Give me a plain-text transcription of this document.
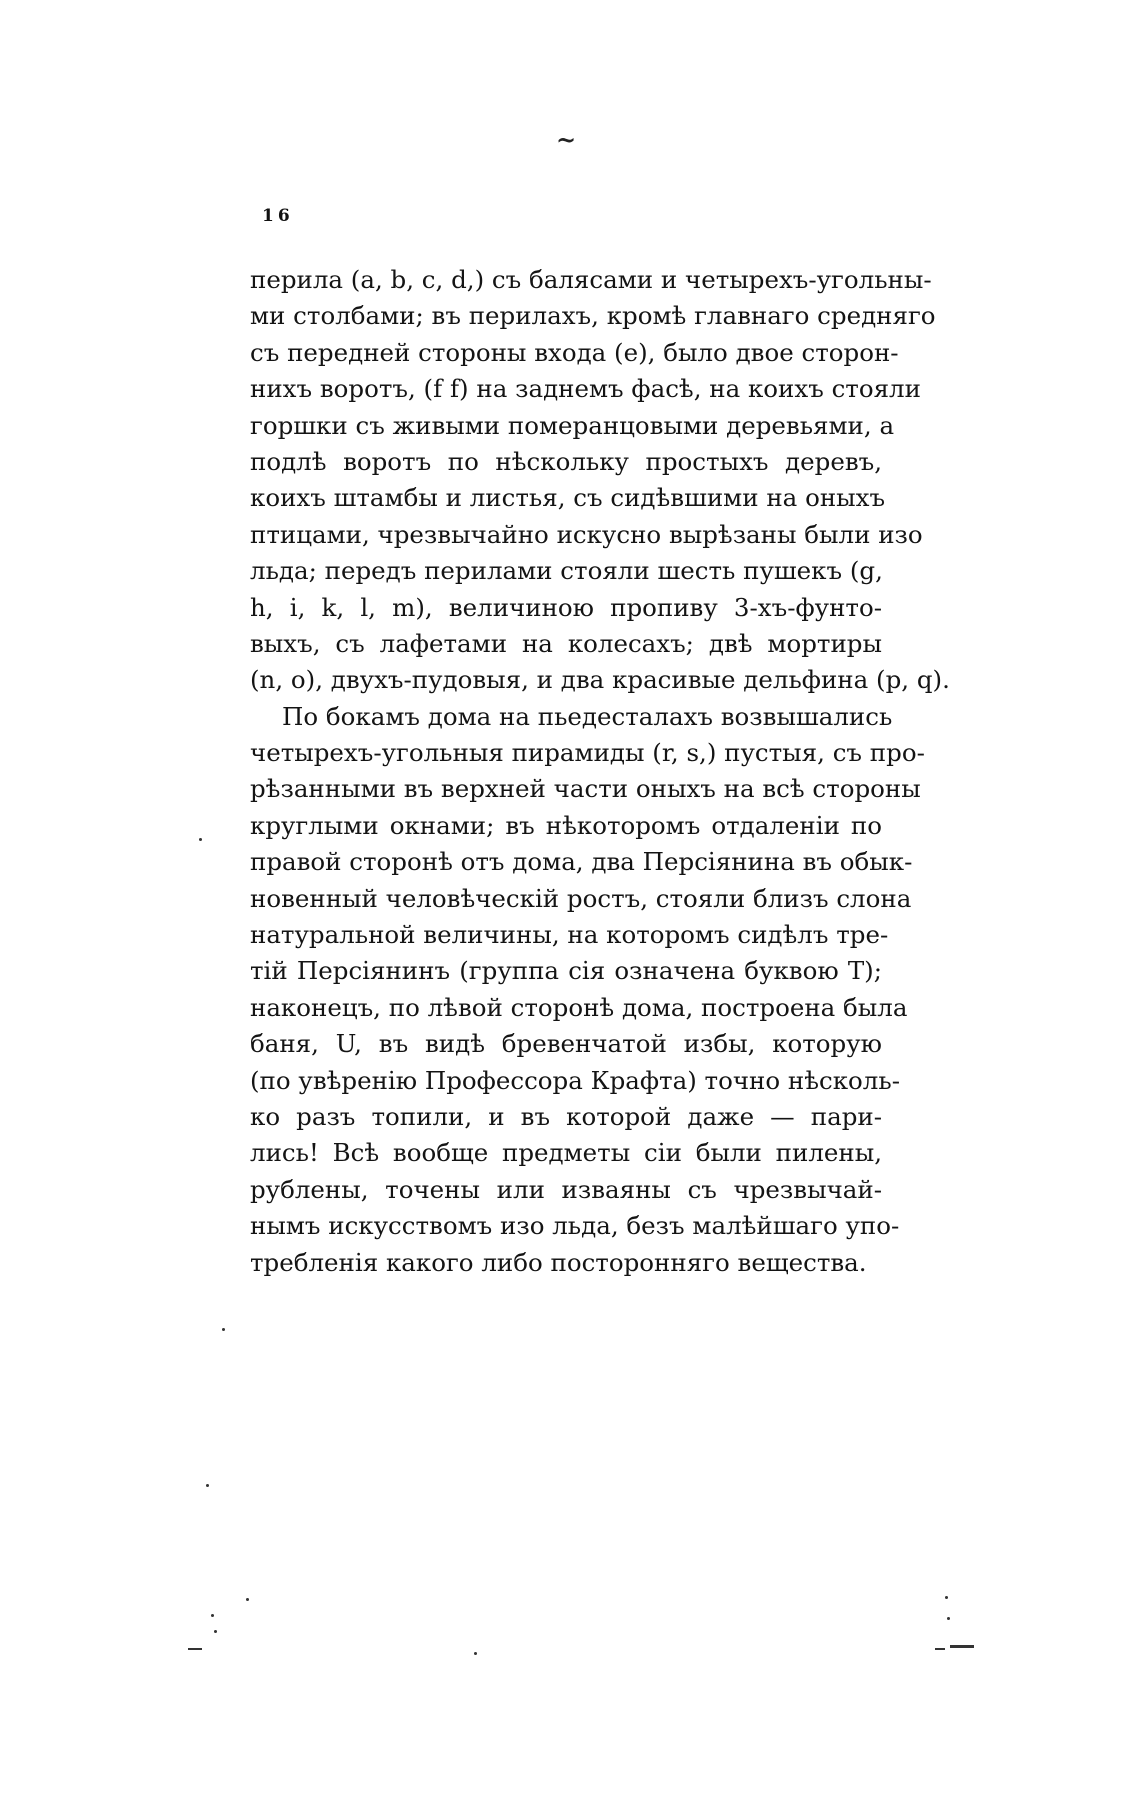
~
16
перила (a, b, c, d,) съ балясами и четырехъ-угольны-
ми столбами; въ перилахъ, кромѣ главнаго средняго
съ передней стороны входа (e), было двое сторон-
нихъ воротъ, (f f) на заднемъ фасѣ, на коихъ стояли
горшки съ живыми померанцовыми деревьями, а
подлѣ воротъ по нѣскольку простыхъ деревъ,
коихъ штамбы и листья, съ сидѣвшими на оныхъ
птицами, чрезвычайно искусно вырѣзаны были изо
льда; передъ перилами стояли шесть пушекъ (g,
h, i, k, l, m), величиною пропиву 3-хъ-фунто-
выхъ, съ лафетами на колесахъ; двѣ мортиры
(n, o), двухъ-пудовыя, и два красивые дельфина (p, q).
По бокамъ дома на пьедесталахъ возвышались
четырехъ-угольныя пирамиды (r, s,) пустыя, съ про-
рѣзанными въ верхней части оныхъ на всѣ стороны
круглыми окнами; въ нѣкоторомъ отдаленіи по
правой сторонѣ отъ дома, два Персіянина въ обык-
новенный человѣческій ростъ, стояли близъ слона
натуральной величины, на которомъ сидѣлъ тре-
тій Персіянинъ (группа сія означена буквою Т);
наконецъ, по лѣвой сторонѣ дома, построена была
баня, U, въ видѣ бревенчатой избы, которую
(по увѣренію Профессора Крафта) точно нѣсколь-
ко разъ топили, и въ которой даже — пари-
лись! Всѣ вообще предметы сіи были пилены,
рублены, точены или изваяны съ чрезвычай-
нымъ искусствомъ изо льда, безъ малѣйшаго упо-
требленія какого либо посторонняго вещества.
